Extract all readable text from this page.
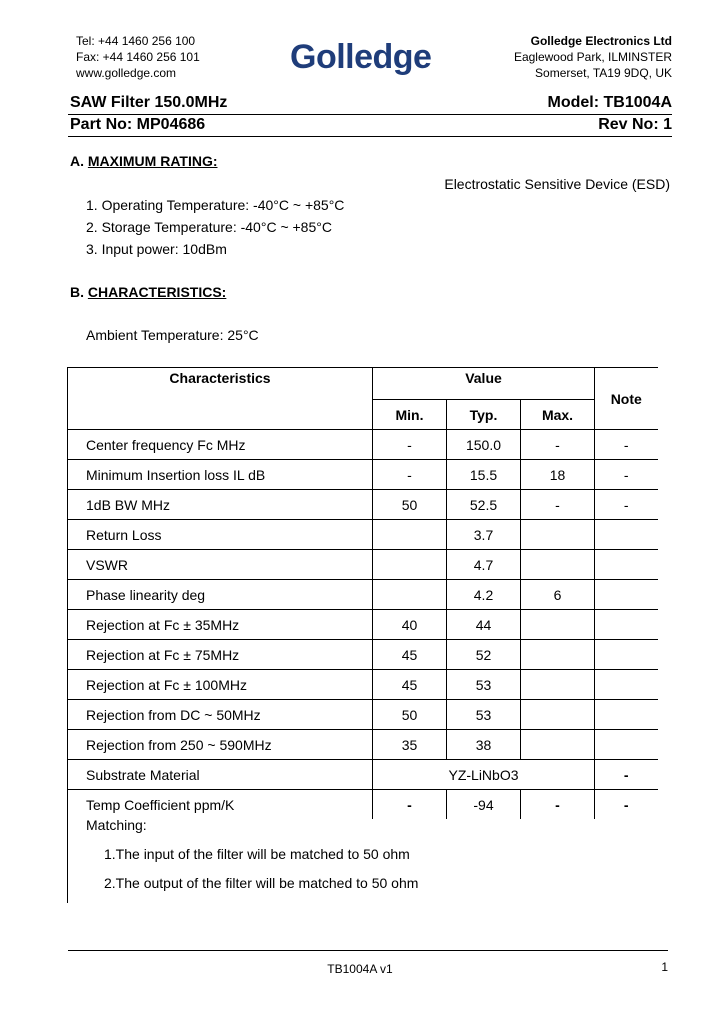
Tel: +44 1460 256 100
Fax: +44 1460 256 101
www.golledge.com	Golledge	Golledge Electronics Ltd
Eaglewood Park, ILMINSTER
Somerset, TA19 9DQ, UK
SAW Filter 150.0MHz	Model: TB1004A
Part No: MP04686	Rev No: 1
A. MAXIMUM RATING:
Electrostatic Sensitive Device (ESD)
1. Operating Temperature: -40°C ~ +85°C
2. Storage Temperature: -40°C ~ +85°C
3. Input power: 10dBm
B. CHARACTERISTICS:
Ambient Temperature: 25°C
Characteristics	Value			Note
	Min.	Typ.	Max.	
Center frequency Fc MHz	-	150.0	-	-
Minimum Insertion loss IL dB	-	15.5	18	-
1dB BW MHz	50	52.5	-	-
Return Loss		3.7		
VSWR		4.7		
Phase linearity deg		4.2	6	
Rejection at Fc ± 35MHz	40	44		
Rejection at Fc ± 75MHz	45	52		
Rejection at Fc ± 100MHz	45	53		
Rejection from DC ~ 50MHz	50	53		
Rejection from 250 ~ 590MHz	35	38		
Substrate Material	YZ-LiNbO3			-
Temp Coefficient ppm/K	-	-94	-	-
Matching:
1.The input of the filter will be matched to 50 ohm
2.The output of the filter will be matched to 50 ohm
TB1004A v1	1
